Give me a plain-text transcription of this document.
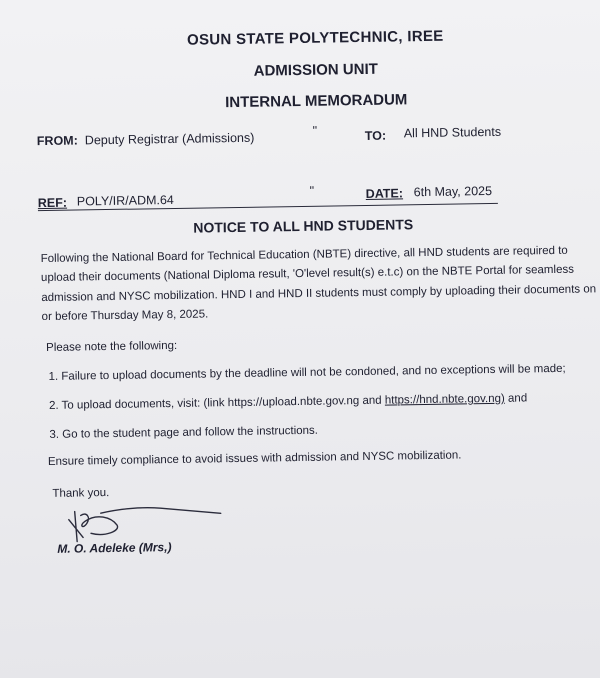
OSUN STATE POLYTECHNIC, IREE
ADMISSION UNIT
INTERNAL MEMORADUM
FROM: Deputy Registrar (Admissions)	"	TO: All HND Students
REF: POLY/IR/ADM.64
"	DATE: 6th May, 2025
NOTICE TO ALL HND STUDENTS
Following the National Board for Technical Education (NBTE) directive, all HND students are required to upload their documents (National Diploma result, 'O'level result(s) e.t.c) on the NBTE Portal for seamless admission and NYSC mobilization. HND I and HND II students must comply by uploading their documents on or before Thursday May 8, 2025.
Please note the following:
1. Failure to upload documents by the deadline will not be condoned, and no exceptions will be made;
2. To upload documents, visit: (link https://upload.nbte.gov.ng and https://hnd.nbte.gov.ng) and
3. Go to the student page and follow the instructions.
Ensure timely compliance to avoid issues with admission and NYSC mobilization.
Thank you.
M. O. Adeleke (Mrs,)
